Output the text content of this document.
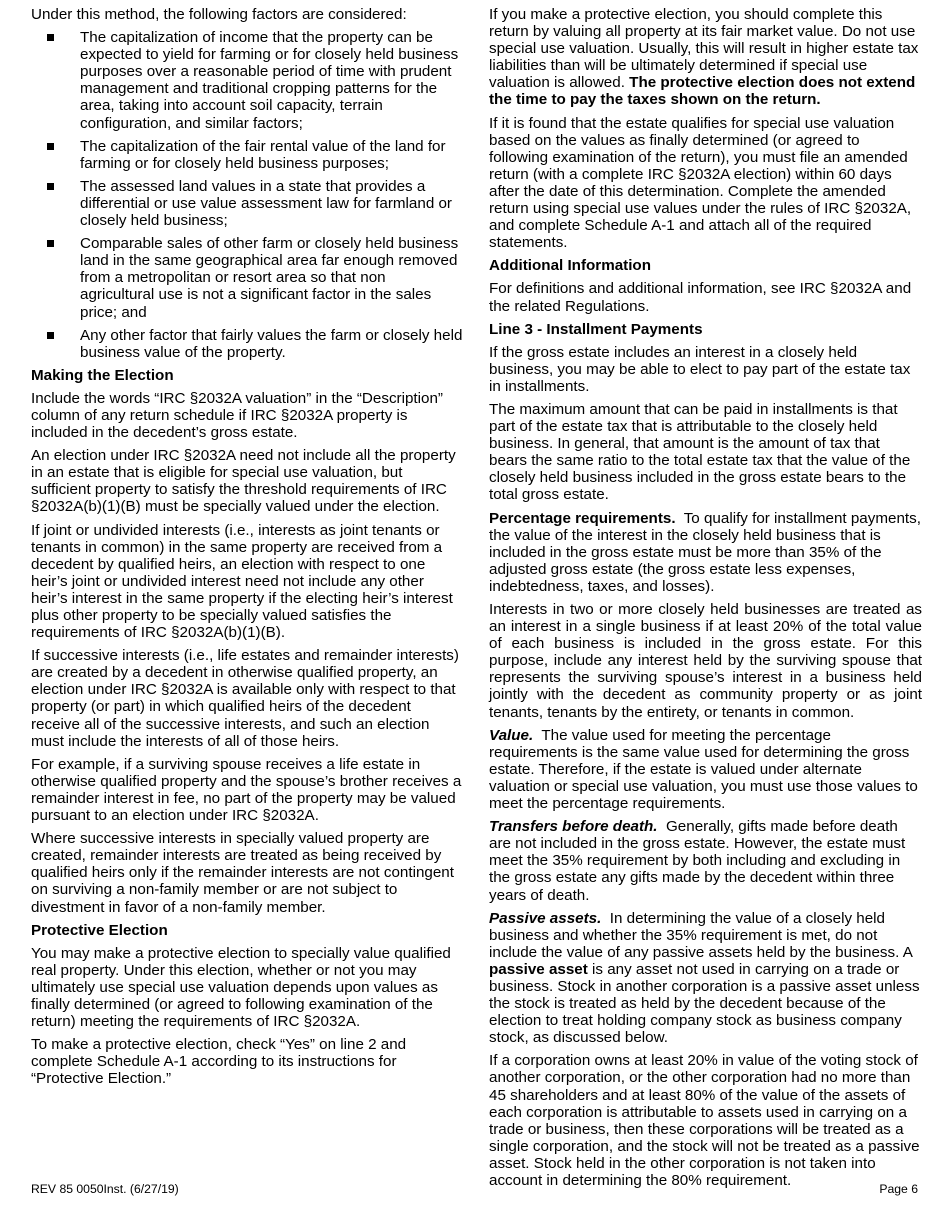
Under this method, the following factors are considered:

The capitalization of income that the property can be expected to yield for farming or for closely held business purposes over a reasonable period of time with prudent management and traditional cropping patterns for the area, taking into account soil capacity, terrain configuration, and similar factors;
The capitalization of the fair rental value of the land for farming or for closely held business purposes;
The assessed land values in a state that provides a differential or use value assessment law for farmland or closely held business;
Comparable sales of other farm or closely held business land in the same geographical area far enough removed from a metropolitan or resort area so that non agricultural use is not a significant factor in the sales price; and
Any other factor that fairly values the farm or closely held business value of the property.
Making the Election

Include the words “IRC §2032A valuation” in the “Description” column of any return schedule if IRC §2032A property is included in the decedent’s gross estate.

An election under IRC §2032A need not include all the property in an estate that is eligible for special use valuation, but sufficient property to satisfy the threshold requirements of IRC §2032A(b)(1)(B) must be specially valued under the election.

If joint or undivided interests (i.e., interests as joint tenants or tenants in common) in the same property are received from a decedent by qualified heirs, an election with respect to one heir’s joint or undivided interest need not include any other heir’s interest in the same property if the electing heir’s interest plus other property to be specially valued satisfies the requirements of IRC §2032A(b)(1)(B).

If successive interests (i.e., life estates and remainder interests) are created by a decedent in otherwise qualified property, an election under IRC §2032A is available only with respect to that property (or part) in which qualified heirs of the decedent receive all of the successive interests, and such an election must include the interests of all of those heirs.

For example, if a surviving spouse receives a life estate in otherwise qualified property and the spouse’s brother receives a remainder interest in fee, no part of the property may be valued pursuant to an election under IRC §2032A.

Where successive interests in specially valued property are created, remainder interests are treated as being received by qualified heirs only if the remainder interests are not contingent on surviving a non-family member or are not subject to divestment in favor of a non-family member.

Protective Election

You may make a protective election to specially value qualified real property. Under this election, whether or not you may ultimately use special use valuation depends upon values as finally determined (or agreed to following examination of the return) meeting the requirements of IRC §2032A.

To make a protective election, check “Yes” on line 2 and complete Schedule A-1 according to its instructions for “Protective Election.”

If you make a protective election, you should complete this return by valuing all property at its fair market value. Do not use special use valuation. Usually, this will result in higher estate tax liabilities than will be ultimately determined if special use valuation is allowed. The protective election does not extend the time to pay the taxes shown on the return.

If it is found that the estate qualifies for special use valuation based on the values as finally determined (or agreed to following examination of the return), you must file an amended return (with a complete IRC §2032A election) within 60 days after the date of this determination. Complete the amended return using special use values under the rules of IRC §2032A, and complete Schedule A-1 and attach all of the required statements.

Additional Information

For definitions and additional information, see IRC §2032A and the related Regulations.

Line 3 - Installment Payments

If the gross estate includes an interest in a closely held business, you may be able to elect to pay part of the estate tax in installments.

The maximum amount that can be paid in installments is that part of the estate tax that is attributable to the closely held business. In general, that amount is the amount of tax that bears the same ratio to the total estate tax that the value of the closely held business included in the gross estate bears to the total gross estate.

Percentage requirements. To qualify for installment payments, the value of the interest in the closely held business that is included in the gross estate must be more than 35% of the adjusted gross estate (the gross estate less expenses, indebtedness, taxes, and losses).

Interests in two or more closely held businesses are treated as an interest in a single business if at least 20% of the total value of each business is included in the gross estate. For this purpose, include any interest held by the surviving spouse that represents the surviving spouse’s interest in a business held jointly with the decedent as community property or as joint tenants, tenants by the entirety, or tenants in common.

Value. The value used for meeting the percentage requirements is the same value used for determining the gross estate. Therefore, if the estate is valued under alternate valuation or special use valuation, you must use those values to meet the percentage requirements.

Transfers before death. Generally, gifts made before death are not included in the gross estate. However, the estate must meet the 35% requirement by both including and excluding in the gross estate any gifts made by the decedent within three years of death.

Passive assets. In determining the value of a closely held business and whether the 35% requirement is met, do not include the value of any passive assets held by the business. A passive asset is any asset not used in carrying on a trade or business. Stock in another corporation is a passive asset unless the stock is treated as held by the decedent because of the election to treat holding company stock as business company stock, as discussed below.

If a corporation owns at least 20% in value of the voting stock of another corporation, or the other corporation had no more than 45 shareholders and at least 80% of the value of the assets of each corporation is attributable to assets used in carrying on a trade or business, then these corporations will be treated as a single corporation, and the stock will not be treated as a passive asset. Stock held in the other corporation is not taken into account in determining the 80% requirement.

REV 85 0050Inst. (6/27/19)	Page 6
